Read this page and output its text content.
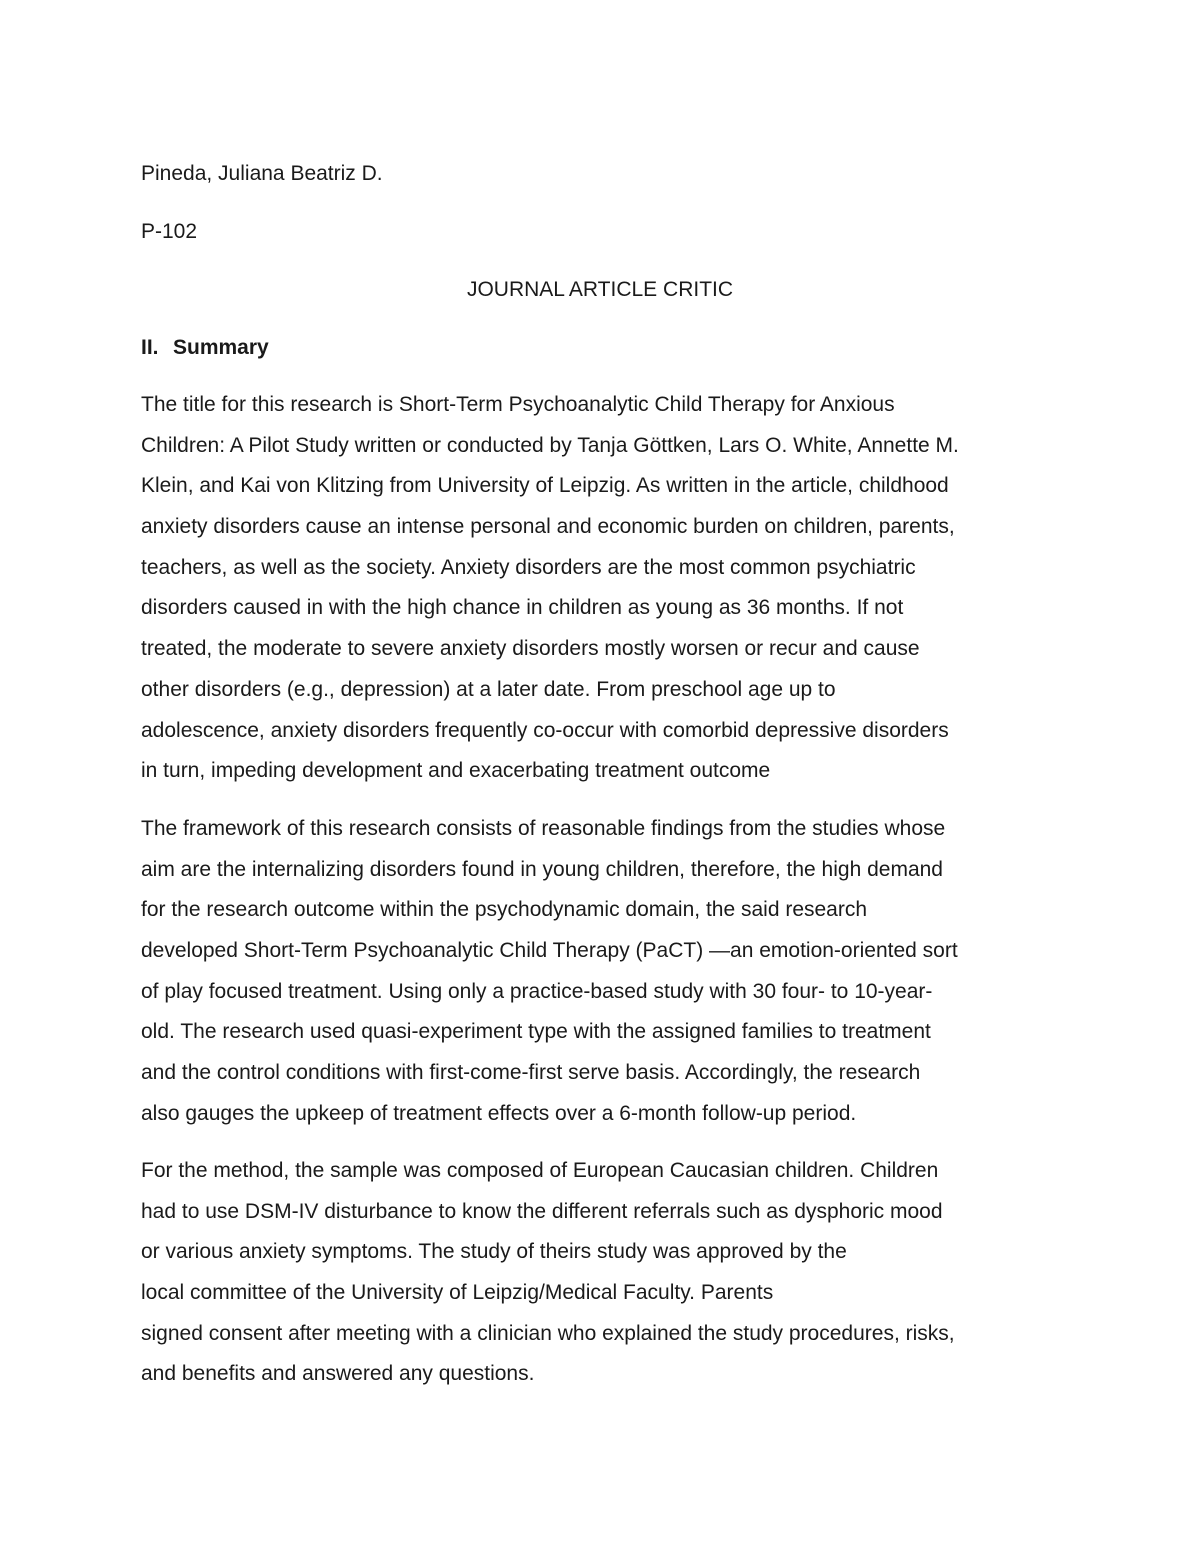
Pineda, Juliana Beatriz D.
P-102
JOURNAL ARTICLE CRITIC
II. Summary
The title for this research is Short-Term Psychoanalytic Child Therapy for Anxious
Children: A Pilot Study written or conducted by Tanja Göttken, Lars O. White, Annette M.
Klein, and Kai von Klitzing from University of Leipzig. As written in the article, childhood
anxiety disorders cause an intense personal and economic burden on children, parents,
teachers, as well as the society. Anxiety disorders are the most common psychiatric
disorders caused in with the high chance in children as young as 36 months. If not
treated, the moderate to severe anxiety disorders mostly worsen or recur and cause
other disorders (e.g., depression) at a later date. From preschool age up to
adolescence, anxiety disorders frequently co-occur with comorbid depressive disorders
in turn, impeding development and exacerbating treatment outcome
The framework of this research consists of reasonable findings from the studies whose
aim are the internalizing disorders found in young children, therefore, the high demand
for the research outcome within the psychodynamic domain, the said research
developed Short-Term Psychoanalytic Child Therapy (PaCT) —an emotion-oriented sort
of play focused treatment. Using only a practice-based study with 30 four- to 10-year-
old. The research used quasi-experiment type with the assigned families to treatment
and the control conditions with first-come-first serve basis. Accordingly, the research
also gauges the upkeep of treatment effects over a 6-month follow-up period.
For the method, the sample was composed of European Caucasian children. Children
had to use DSM-IV disturbance to know the different referrals such as dysphoric mood
or various anxiety symptoms. The study of theirs study was approved by the
local committee of the University of Leipzig/Medical Faculty. Parents
signed consent after meeting with a clinician who explained the study procedures, risks,
and benefits and answered any questions.
